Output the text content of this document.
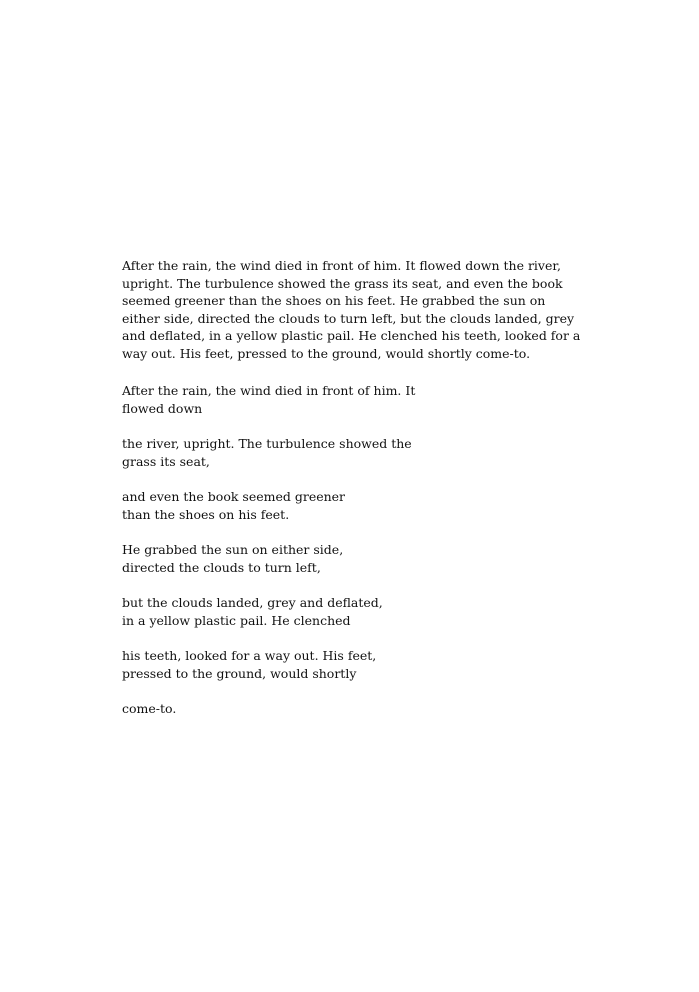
After the rain, the wind died in front of him. It flowed down the river, upright. The turbulence showed the grass its seat, and even the book seemed greener than the shoes on his feet. He grabbed the sun on either side, directed the clouds to turn left, but the clouds landed, grey and deflated, in a yellow plastic pail. He clenched his teeth, looked for a way out. His feet, pressed to the ground, would shortly come-to.

After the rain, the wind died in front of him. It
flowed down

the river, upright. The turbulence showed the
grass its seat,

and even the book seemed greener
than the shoes on his feet.

He grabbed the sun on either side,
directed the clouds to turn left,

but the clouds landed, grey and deflated,
in a yellow plastic pail. He clenched

his teeth, looked for a way out. His feet,
pressed to the ground, would shortly

come-to.
